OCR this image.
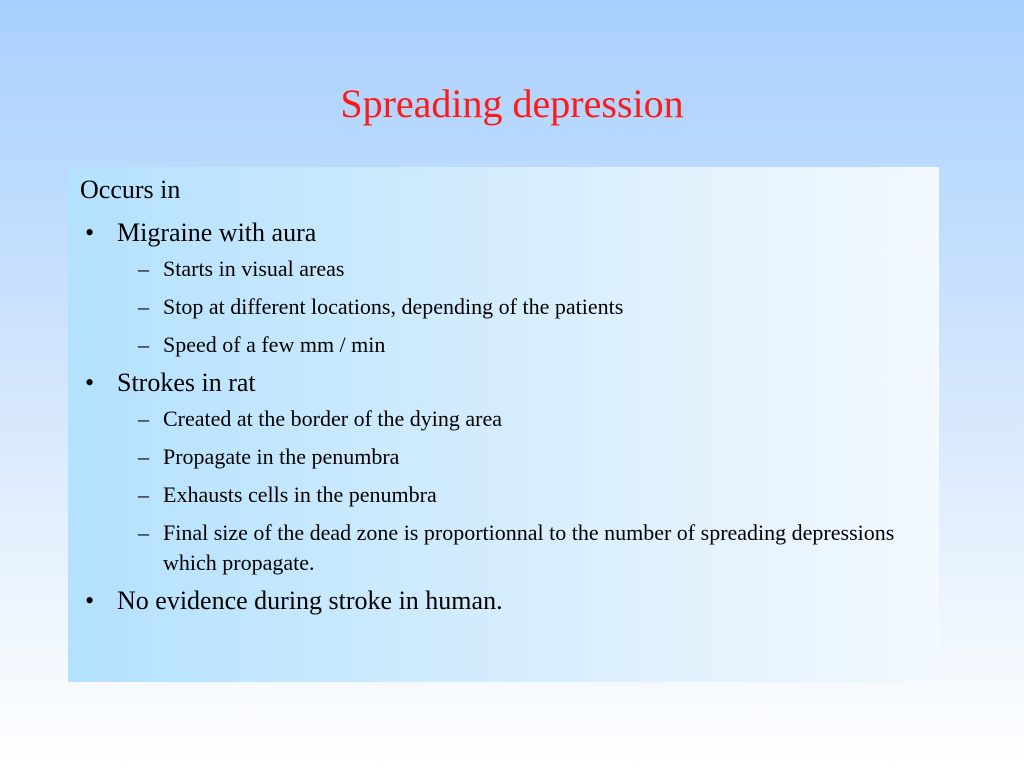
Spreading depression
Occurs in
• Migraine with aura
– Starts in visual areas
– Stop at different locations, depending of the patients
– Speed of a few mm / min
• Strokes in rat
– Created at the border of the dying area
– Propagate in the penumbra
– Exhausts cells in the penumbra
– Final size of the dead zone is proportionnal to the number of spreading depressions which propagate.
• No evidence during stroke in human.
